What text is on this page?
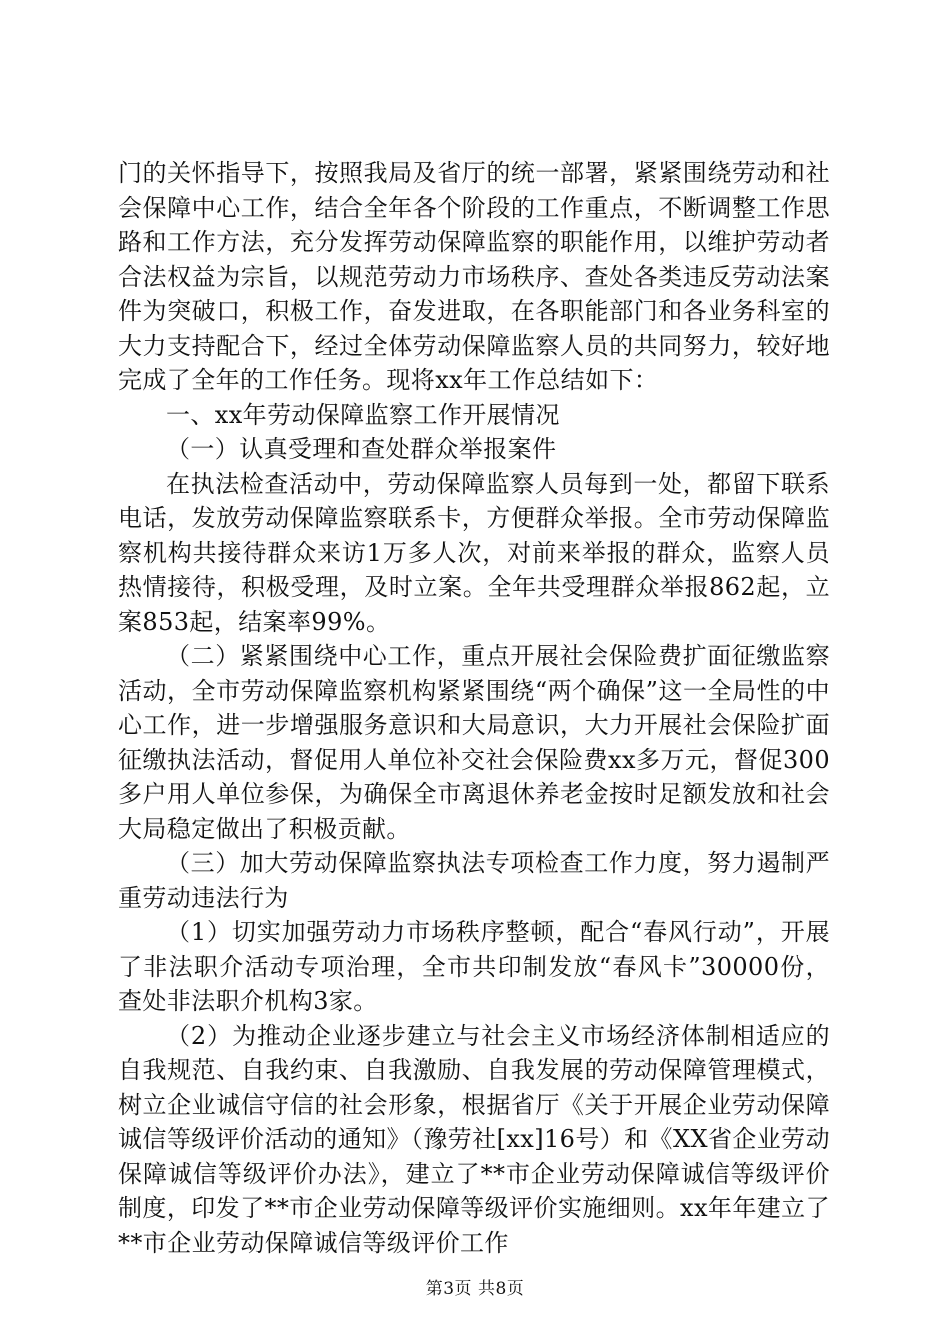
门的关怀指导下，按照我局及省厅的统一部署，紧紧围绕劳动和社会保障中心工作，结合全年各个阶段的工作重点，不断调整工作思路和工作方法，充分发挥劳动保障监察的职能作用，以维护劳动者合法权益为宗旨，以规范劳动力市场秩序、查处各类违反劳动法案件为突破口，积极工作，奋发进取，在各职能部门和各业务科室的大力支持配合下，经过全体劳动保障监察人员的共同努力，较好地完成了全年的工作任务。现将xx年工作总结如下：

一、xx年劳动保障监察工作开展情况

（一）认真受理和查处群众举报案件

在执法检查活动中，劳动保障监察人员每到一处，都留下联系电话，发放劳动保障监察联系卡，方便群众举报。全市劳动保障监察机构共接待群众来访1万多人次，对前来举报的群众，监察人员热情接待，积极受理，及时立案。全年共受理群众举报862起，立案853起，结案率99%。

（二）紧紧围绕中心工作，重点开展社会保险费扩面征缴监察活动，全市劳动保障监察机构紧紧围绕“两个确保”这一全局性的中心工作，进一步增强服务意识和大局意识，大力开展社会保险扩面征缴执法活动，督促用人单位补交社会保险费xx多万元，督促300多户用人单位参保，为确保全市离退休养老金按时足额发放和社会大局稳定做出了积极贡献。

（三）加大劳动保障监察执法专项检查工作力度，努力遏制严重劳动违法行为

（1）切实加强劳动力市场秩序整顿，配合“春风行动”，开展了非法职介活动专项治理，全市共印制发放“春风卡”30000份，查处非法职介机构3家。

（2）为推动企业逐步建立与社会主义市场经济体制相适应的自我规范、自我约束、自我激励、自我发展的劳动保障管理模式，树立企业诚信守信的社会形象，根据省厅《关于开展企业劳动保障诚信等级评价活动的通知》（豫劳社[xx]16号）和《XX省企业劳动保障诚信等级评价办法》，建立了**市企业劳动保障诚信等级评价制度，印发了**市企业劳动保障等级评价实施细则。xx年年建立了**市企业劳动保障诚信等级评价工作

第3页 共8页
